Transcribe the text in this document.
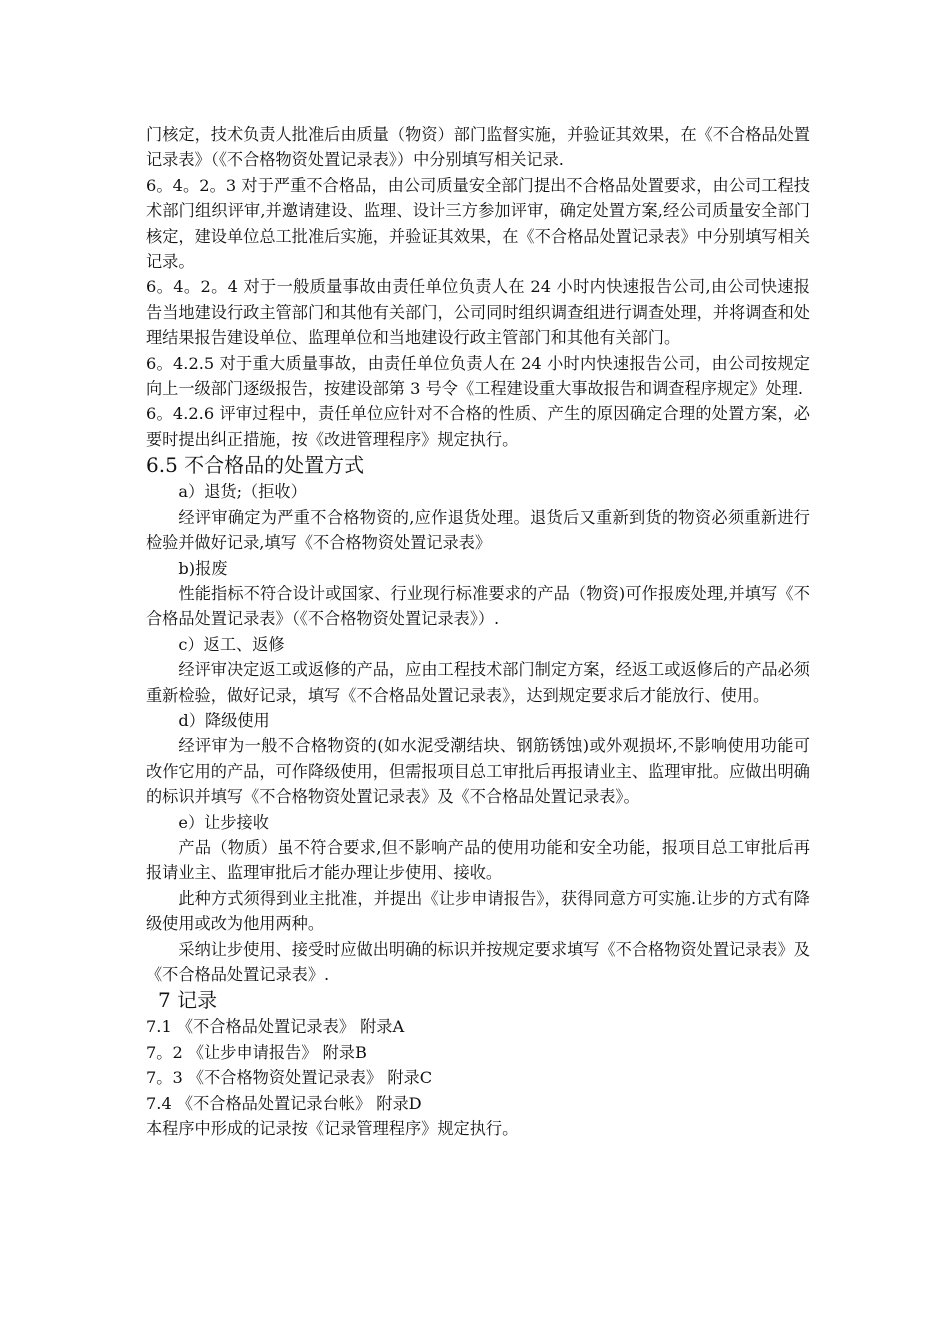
门核定，技术负责人批准后由质量（物资）部门监督实施，并验证其效果，在《不合格品处置记录表》（《不合格物资处置记录表》）中分别填写相关记录.

6。4。2。3 对于严重不合格品，由公司质量安全部门提出不合格品处置要求，由公司工程技术部门组织评审,并邀请建设、监理、设计三方参加评审，确定处置方案,经公司质量安全部门核定，建设单位总工批准后实施，并验证其效果，在《不合格品处置记录表》中分别填写相关记录。

6。4。2。4 对于一般质量事故由责任单位负责人在 24 小时内快速报告公司,由公司快速报告当地建设行政主管部门和其他有关部门，公司同时组织调查组进行调查处理，并将调查和处理结果报告建设单位、监理单位和当地建设行政主管部门和其他有关部门。

6。4.2.5 对于重大质量事故，由责任单位负责人在 24 小时内快速报告公司，由公司按规定向上一级部门逐级报告，按建设部第 3 号令《工程建设重大事故报告和调查程序规定》处理.

6。4.2.6 评审过程中，责任单位应针对不合格的性质、产生的原因确定合理的处置方案，必要时提出纠正措施，按《改进管理程序》规定执行。

6.5 不合格品的处置方式

a）退货;（拒收）

经评审确定为严重不合格物资的,应作退货处理。退货后又重新到货的物资必须重新进行检验并做好记录,填写《不合格物资处置记录表》

b)报废

性能指标不符合设计或国家、行业现行标准要求的产品（物资)可作报废处理,并填写《不合格品处置记录表》（《不合格物资处置记录表》）.

c）返工、返修

经评审决定返工或返修的产品，应由工程技术部门制定方案，经返工或返修后的产品必须重新检验，做好记录，填写《不合格品处置记录表》，达到规定要求后才能放行、使用。

d）降级使用

经评审为一般不合格物资的(如水泥受潮结块、钢筋锈蚀)或外观损坏,不影响使用功能可改作它用的产品，可作降级使用，但需报项目总工审批后再报请业主、监理审批。应做出明确的标识并填写《不合格物资处置记录表》及《不合格品处置记录表》。

e）让步接收

产品（物质）虽不符合要求,但不影响产品的使用功能和安全功能，报项目总工审批后再报请业主、监理审批后才能办理让步使用、接收。

此种方式须得到业主批准，并提出《让步申请报告》，获得同意方可实施.让步的方式有降级使用或改为他用两种。

采纳让步使用、接受时应做出明确的标识并按规定要求填写《不合格物资处置记录表》及《不合格品处置记录表》.

7 记录

7.1 《不合格品处置记录表》 附录A

7。2 《让步申请报告》 附录B

7。3 《不合格物资处置记录表》 附录C

7.4 《不合格品处置记录台帐》 附录D

本程序中形成的记录按《记录管理程序》规定执行。
